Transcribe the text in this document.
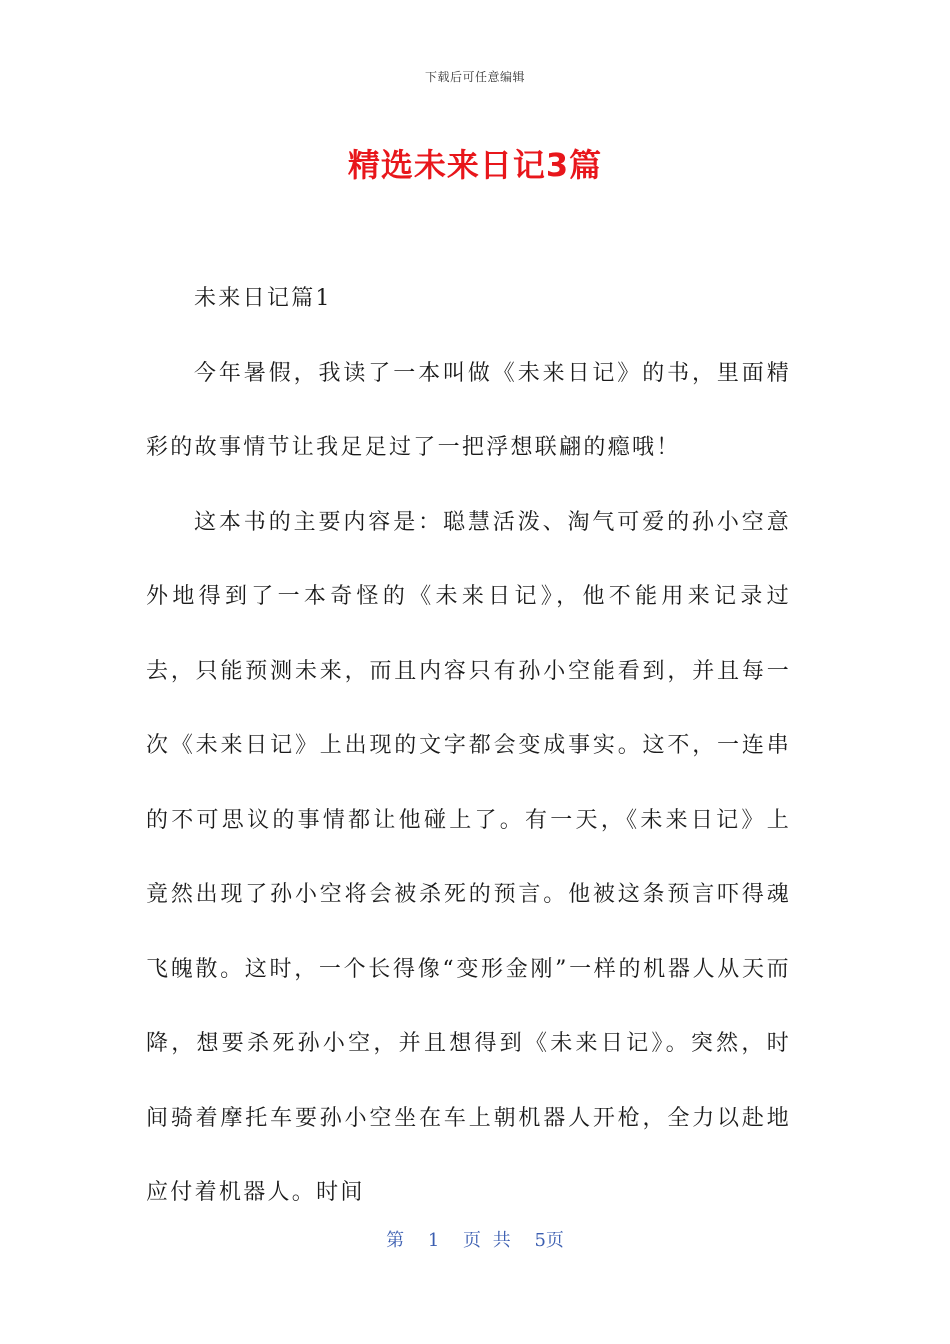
下载后可任意编辑
精选未来日记3篇

未来日记篇1

今年暑假，我读了一本叫做《未来日记》的书，里面精彩的故事情节让我足足过了一把浮想联翩的瘾哦！

这本书的主要内容是：聪慧活泼、淘气可爱的孙小空意外地得到了一本奇怪的《未来日记》，他不能用来记录过去，只能预测未来，而且内容只有孙小空能看到，并且每一次《未来日记》上出现的文字都会变成事实。这不，一连串的不可思议的事情都让他碰上了。有一天，《未来日记》上竟然出现了孙小空将会被杀死的预言。他被这条预言吓得魂飞魄散。这时，一个长得像“变形金刚”一样的机器人从天而降，想要杀死孙小空，并且想得到《未来日记》。突然，时间骑着摩托车要孙小空坐在车上朝机器人开枪，全力以赴地应付着机器人。时间

第 1 页 共 5页
